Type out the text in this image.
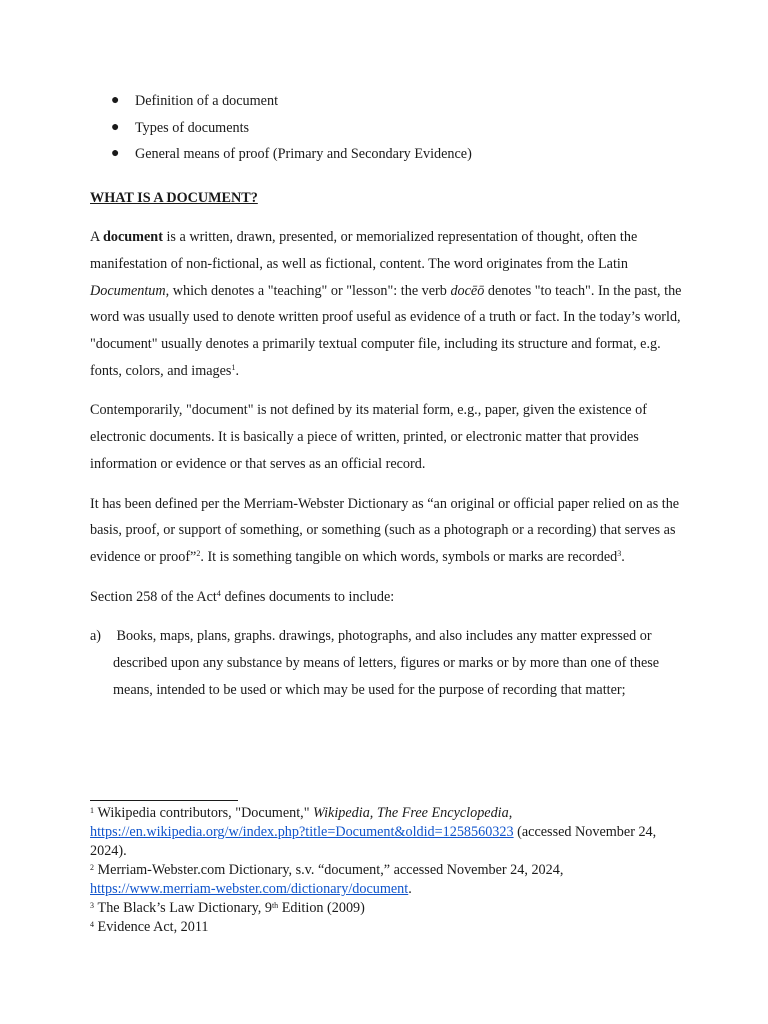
● Definition of a document
● Types of documents
● General means of proof (Primary and Secondary Evidence)
WHAT IS A DOCUMENT?

A document is a written, drawn, presented, or memorialized representation of thought, often the manifestation of non-fictional, as well as fictional, content. The word originates from the Latin Documentum, which denotes a "teaching" or "lesson": the verb docēō denotes "to teach". In the past, the word was usually used to denote written proof useful as evidence of a truth or fact. In the today’s world, "document" usually denotes a primarily textual computer file, including its structure and format, e.g. fonts, colors, and images$^1$.

Contemporarily, "document" is not defined by its material form, e.g., paper, given the existence of electronic documents. It is basically a piece of written, printed, or electronic matter that provides information or evidence or that serves as an official record.

It has been defined per the Merriam-Webster Dictionary as “an original or official paper relied on as the basis, proof, or support of something, or something (such as a photograph or a recording) that serves as evidence or proof”$^2$. It is something tangible on which words, symbols or marks are recorded$^3$.

Section 258 of the Act$^4$ defines documents to include:

a) Books, maps, plans, graphs. drawings, photographs, and also includes any matter expressed or described upon any substance by means of letters, figures or marks or by more than one of these means, intended to be used or which may be used for the purpose of recording that matter;
$^1$ Wikipedia contributors, "Document," Wikipedia, The Free Encyclopedia, https://en.wikipedia.org/w/index.php?title=Document&oldid=1258560323 (accessed November 24, 2024).
$^2$ Merriam-Webster.com Dictionary, s.v. “document,” accessed November 24, 2024, https://www.merriam-webster.com/dictionary/document.
$^3$ The Black’s Law Dictionary, 9th Edition (2009)
$^4$ Evidence Act, 2011
